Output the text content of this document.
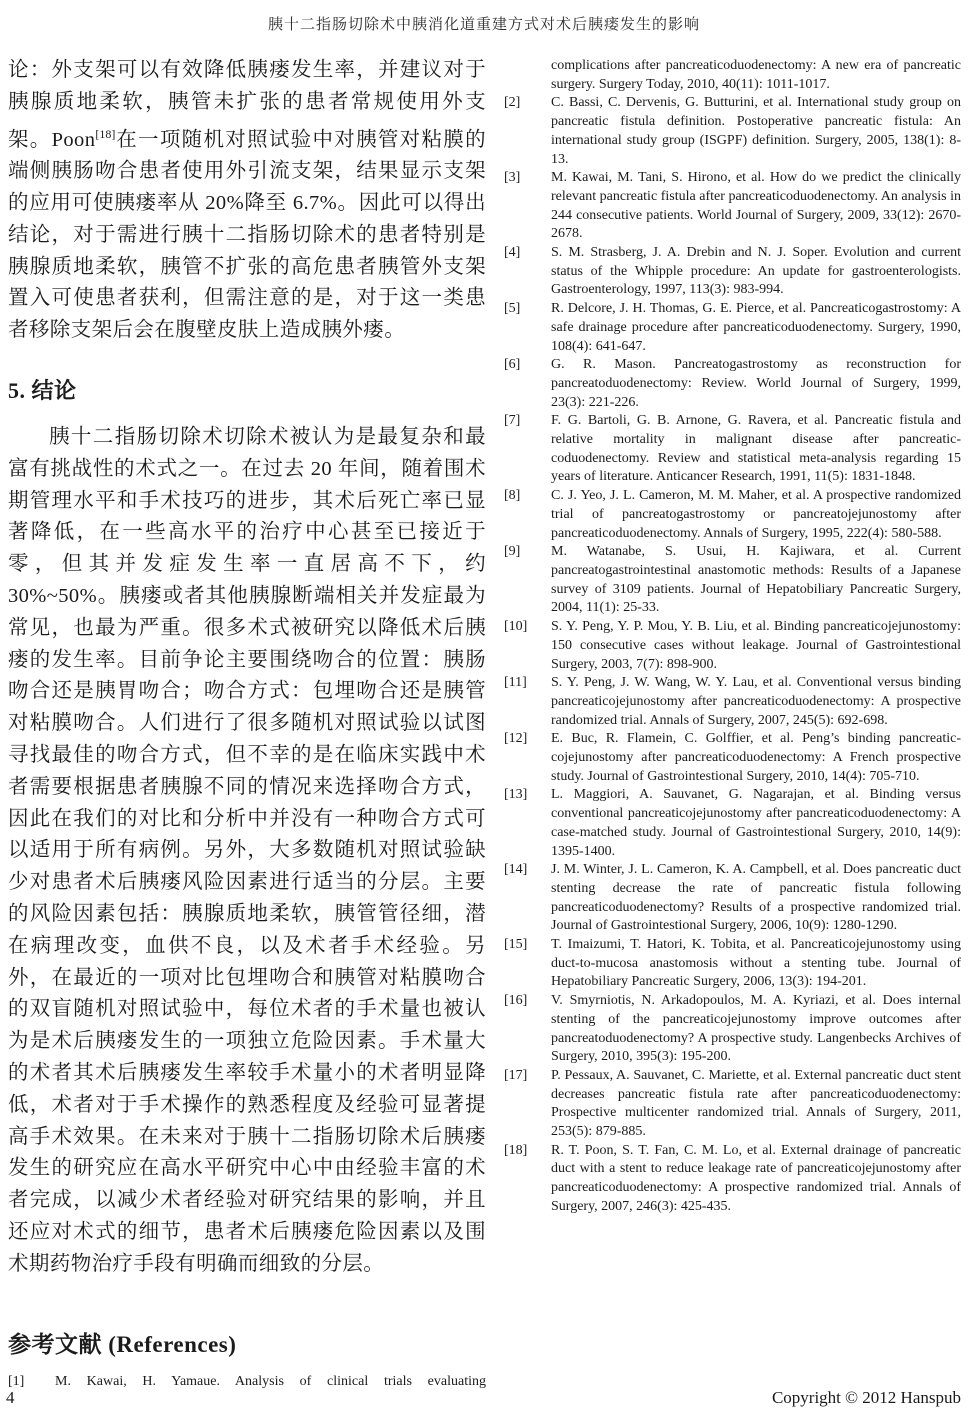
胰十二指肠切除术中胰消化道重建方式对术后胰瘘发生的影响

论：外支架可以有效降低胰瘘发生率，并建议对于胰腺质地柔软，胰管未扩张的患者常规使用外支架。Poon[18]在一项随机对照试验中对胰管对粘膜的端侧胰肠吻合患者使用外引流支架，结果显示支架的应用可使胰瘘率从 20%降至 6.7%。因此可以得出结论，对于需进行胰十二指肠切除术的患者特别是胰腺质地柔软，胰管不扩张的高危患者胰管外支架置入可使患者获利，但需注意的是，对于这一类患者移除支架后会在腹壁皮肤上造成胰外瘘。

5. 结论

胰十二指肠切除术切除术被认为是最复杂和最富有挑战性的术式之一。在过去 20 年间，随着围术期管理水平和手术技巧的进步，其术后死亡率已显著降低，在一些高水平的治疗中心甚至已接近于零，但其并发症发生率一直居高不下，约 30%~50%。胰瘘或者其他胰腺断端相关并发症最为常见，也最为严重。很多术式被研究以降低术后胰瘘的发生率。目前争论主要围绕吻合的位置：胰肠吻合还是胰胃吻合；吻合方式：包埋吻合还是胰管对粘膜吻合。人们进行了很多随机对照试验以试图寻找最佳的吻合方式，但不幸的是在临床实践中术者需要根据患者胰腺不同的情况来选择吻合方式，因此在我们的对比和分析中并没有一种吻合方式可以适用于所有病例。另外，大多数随机对照试验缺少对患者术后胰瘘风险因素进行适当的分层。主要的风险因素包括：胰腺质地柔软，胰管管径细，潜在病理改变，血供不良，以及术者手术经验。另外，在最近的一项对比包埋吻合和胰管对粘膜吻合的双盲随机对照试验中，每位术者的手术量也被认为是术后胰瘘发生的一项独立危险因素。手术量大的术者其术后胰瘘发生率较手术量小的术者明显降低，术者对于手术操作的熟悉程度及经验可显著提高手术效果。在未来对于胰十二指肠切除术后胰瘘发生的研究应在高水平研究中心中由经验丰富的术者完成，以减少术者经验对研究结果的影响，并且还应对术式的细节，患者术后胰瘘危险因素以及围术期药物治疗手段有明确而细致的分层。

参考文献 (References)
[1] M. Kawai, H. Yamaue. Analysis of clinical trials evaluating
complications after pancreaticoduodenectomy: A new era of pancreatic surgery. Surgery Today, 2010, 40(11): 1011-1017.
[2] C. Bassi, C. Dervenis, G. Butturini, et al. International study group on pancreatic fistula definition. Postoperative pancreatic fistula: An international study group (ISGPF) definition. Surgery, 2005, 138(1): 8-13.
[3] M. Kawai, M. Tani, S. Hirono, et al. How do we predict the clinically relevant pancreatic fistula after pancreaticoduodenectomy. An analysis in 244 consecutive patients. World Journal of Surgery, 2009, 33(12): 2670-2678.
[4] S. M. Strasberg, J. A. Drebin and N. J. Soper. Evolution and current status of the Whipple procedure: An update for gastroenterologists. Gastroenterology, 1997, 113(3): 983-994.
[5] R. Delcore, J. H. Thomas, G. E. Pierce, et al. Pancreaticogastrostomy: A safe drainage procedure after pancreaticoduodenectomy. Surgery, 1990, 108(4): 641-647.
[6] G. R. Mason. Pancreatogastrostomy as reconstruction for pancreatoduodenectomy: Review. World Journal of Surgery, 1999, 23(3): 221-226.
[7] F. G. Bartoli, G. B. Arnone, G. Ravera, et al. Pancreatic fistula and relative mortality in malignant disease after pancreatic- coduodenectomy. Review and statistical meta-analysis regarding 15 years of literature. Anticancer Research, 1991, 11(5): 1831-1848.
[8] C. J. Yeo, J. L. Cameron, M. M. Maher, et al. A prospective randomized trial of pancreatogastrostomy or pancreatojejunostomy after pancreaticoduodenectomy. Annals of Surgery, 1995, 222(4): 580-588.
[9] M. Watanabe, S. Usui, H. Kajiwara, et al. Current pancreatogastrointestinal anastomotic methods: Results of a Japanese survey of 3109 patients. Journal of Hepatobiliary Pancreatic Surgery, 2004, 11(1): 25-33.
[10] S. Y. Peng, Y. P. Mou, Y. B. Liu, et al. Binding pancreaticojejunostomy: 150 consecutive cases without leakage. Journal of Gastrointestional Surgery, 2003, 7(7): 898-900.
[11] S. Y. Peng, J. W. Wang, W. Y. Lau, et al. Conventional versus binding pancreaticojejunostomy after pancreaticoduodenectomy: A prospective randomized trial. Annals of Surgery, 2007, 245(5): 692-698.
[12] E. Buc, R. Flamein, C. Golffier, et al. Peng’s binding pancreatic-cojejunostomy after pancreaticoduodenectomy: A French prospective study. Journal of Gastrointestional Surgery, 2010, 14(4): 705-710.
[13] L. Maggiori, A. Sauvanet, G. Nagarajan, et al. Binding versus conventional pancreaticojejunostomy after pancreaticoduodenectomy: A case-matched study. Journal of Gastrointestional Surgery, 2010, 14(9): 1395-1400.
[14] J. M. Winter, J. L. Cameron, K. A. Campbell, et al. Does pancreatic duct stenting decrease the rate of pancreatic fistula following pancreaticoduodenectomy? Results of a prospective randomized trial. Journal of Gastrointestional Surgery, 2006, 10(9): 1280-1290.
[15] T. Imaizumi, T. Hatori, K. Tobita, et al. Pancreaticojejunostomy using duct-to-mucosa anastomosis without a stenting tube. Journal of Hepatobiliary Pancreatic Surgery, 2006, 13(3): 194-201.
[16] V. Smyrniotis, N. Arkadopoulos, M. A. Kyriazi, et al. Does internal stenting of the pancreaticojejunostomy improve outcomes after pancreatoduodenectomy? A prospective study. Langenbecks Archives of Surgery, 2010, 395(3): 195-200.
[17] P. Pessaux, A. Sauvanet, C. Mariette, et al. External pancreatic duct stent decreases pancreatic fistula rate after pancreaticoduodenectomy: Prospective multicenter randomized trial. Annals of Surgery, 2011, 253(5): 879-885.
[18] R. T. Poon, S. T. Fan, C. M. Lo, et al. External drainage of pancreatic duct with a stent to reduce leakage rate of pancreaticojejunostomy after pancreaticoduodenectomy: A prospective randomized trial. Annals of Surgery, 2007, 246(3): 425-435.
4	Copyright © 2012 Hanspub
